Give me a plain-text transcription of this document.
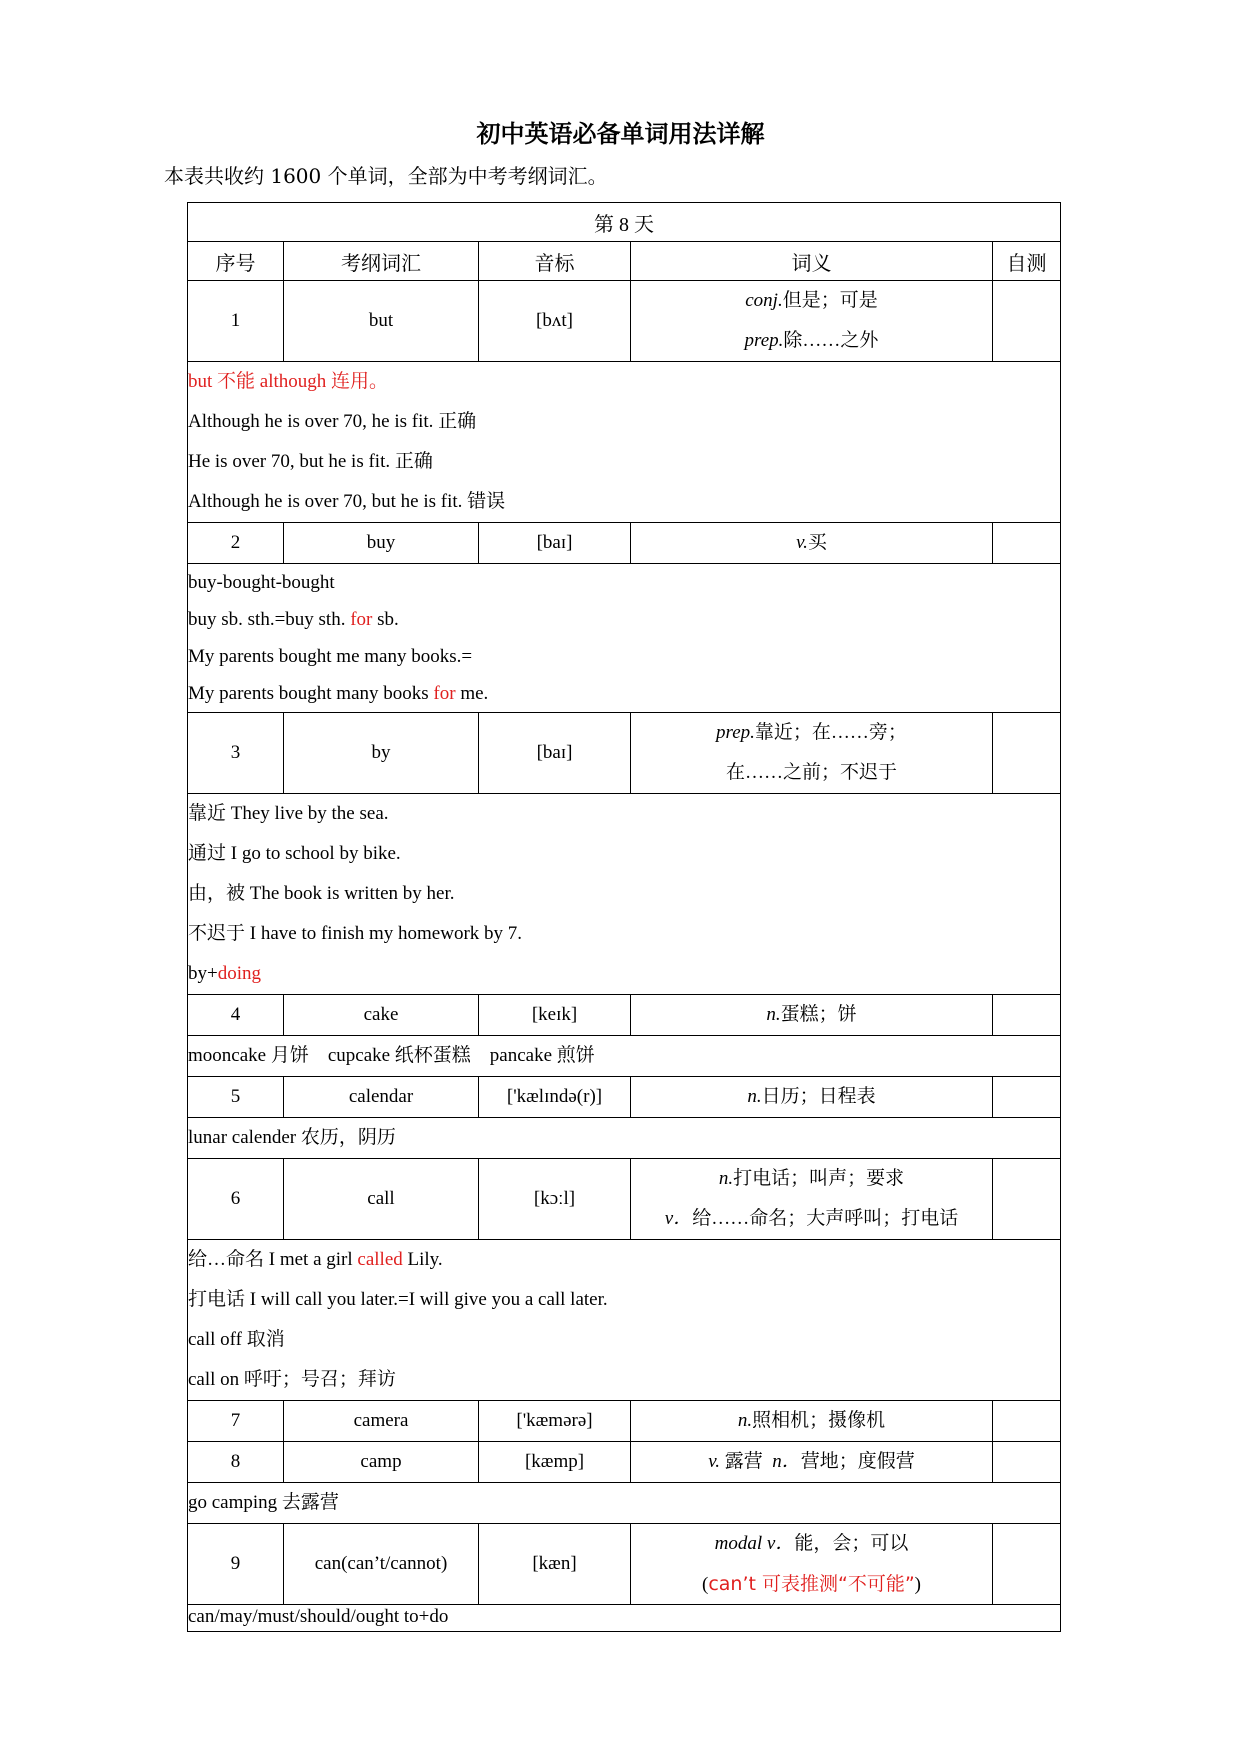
初中英语必备单词用法详解
本表共收约 1600 个单词，全部为中考考纲词汇。
第 8 天				
序号	考纲词汇	音标	词义	自测
1	but	[bʌt]	conj.但是；可是
prep.除……之外	

but 不能 although 连用。
Although he is over 70, he is fit. 正确
He is over 70, but he is fit. 正确
Although he is over 70, but he is fit. 错误				

2	buy	[baɪ]	v.买	

buy-bought-bought
buy sb. sth.=buy sth. for sb.
My parents bought me many books.=
My parents bought many books for me.				

3	by	[baɪ]	prep.靠近；在……旁；
在……之前；不迟于	

靠近 They live by the sea.
通过 I go to school by bike.
由，被 The book is written by her.
不迟于 I have to finish my homework by 7.
by+doing				

4	cake	[keɪk]	n.蛋糕；饼	

mooncake 月饼    cupcake 纸杯蛋糕    pancake 煎饼				

5	calendar	['kælɪndə(r)]	n.日历；日程表	

lunar calender 农历，阴历				

6	call	[kɔːl]	n.打电话；叫声；要求
v．给……命名；大声呼叫；打电话	

给…命名 I met a girl called Lily.
打电话 I will call you later.=I will give you a call later.
call off 取消
call on 呼吁；号召；拜访				

7	camera	['kæmərə]	n.照相机；摄像机	
8	camp	[kæmp]	v. 露营  n．营地；度假营	

go camping 去露营				

9	can(can’t/cannot)	[kæn]	modal v．能，会；可以
(can’t 可表推测“不可能”)	

can/may/must/should/ought to+do				
